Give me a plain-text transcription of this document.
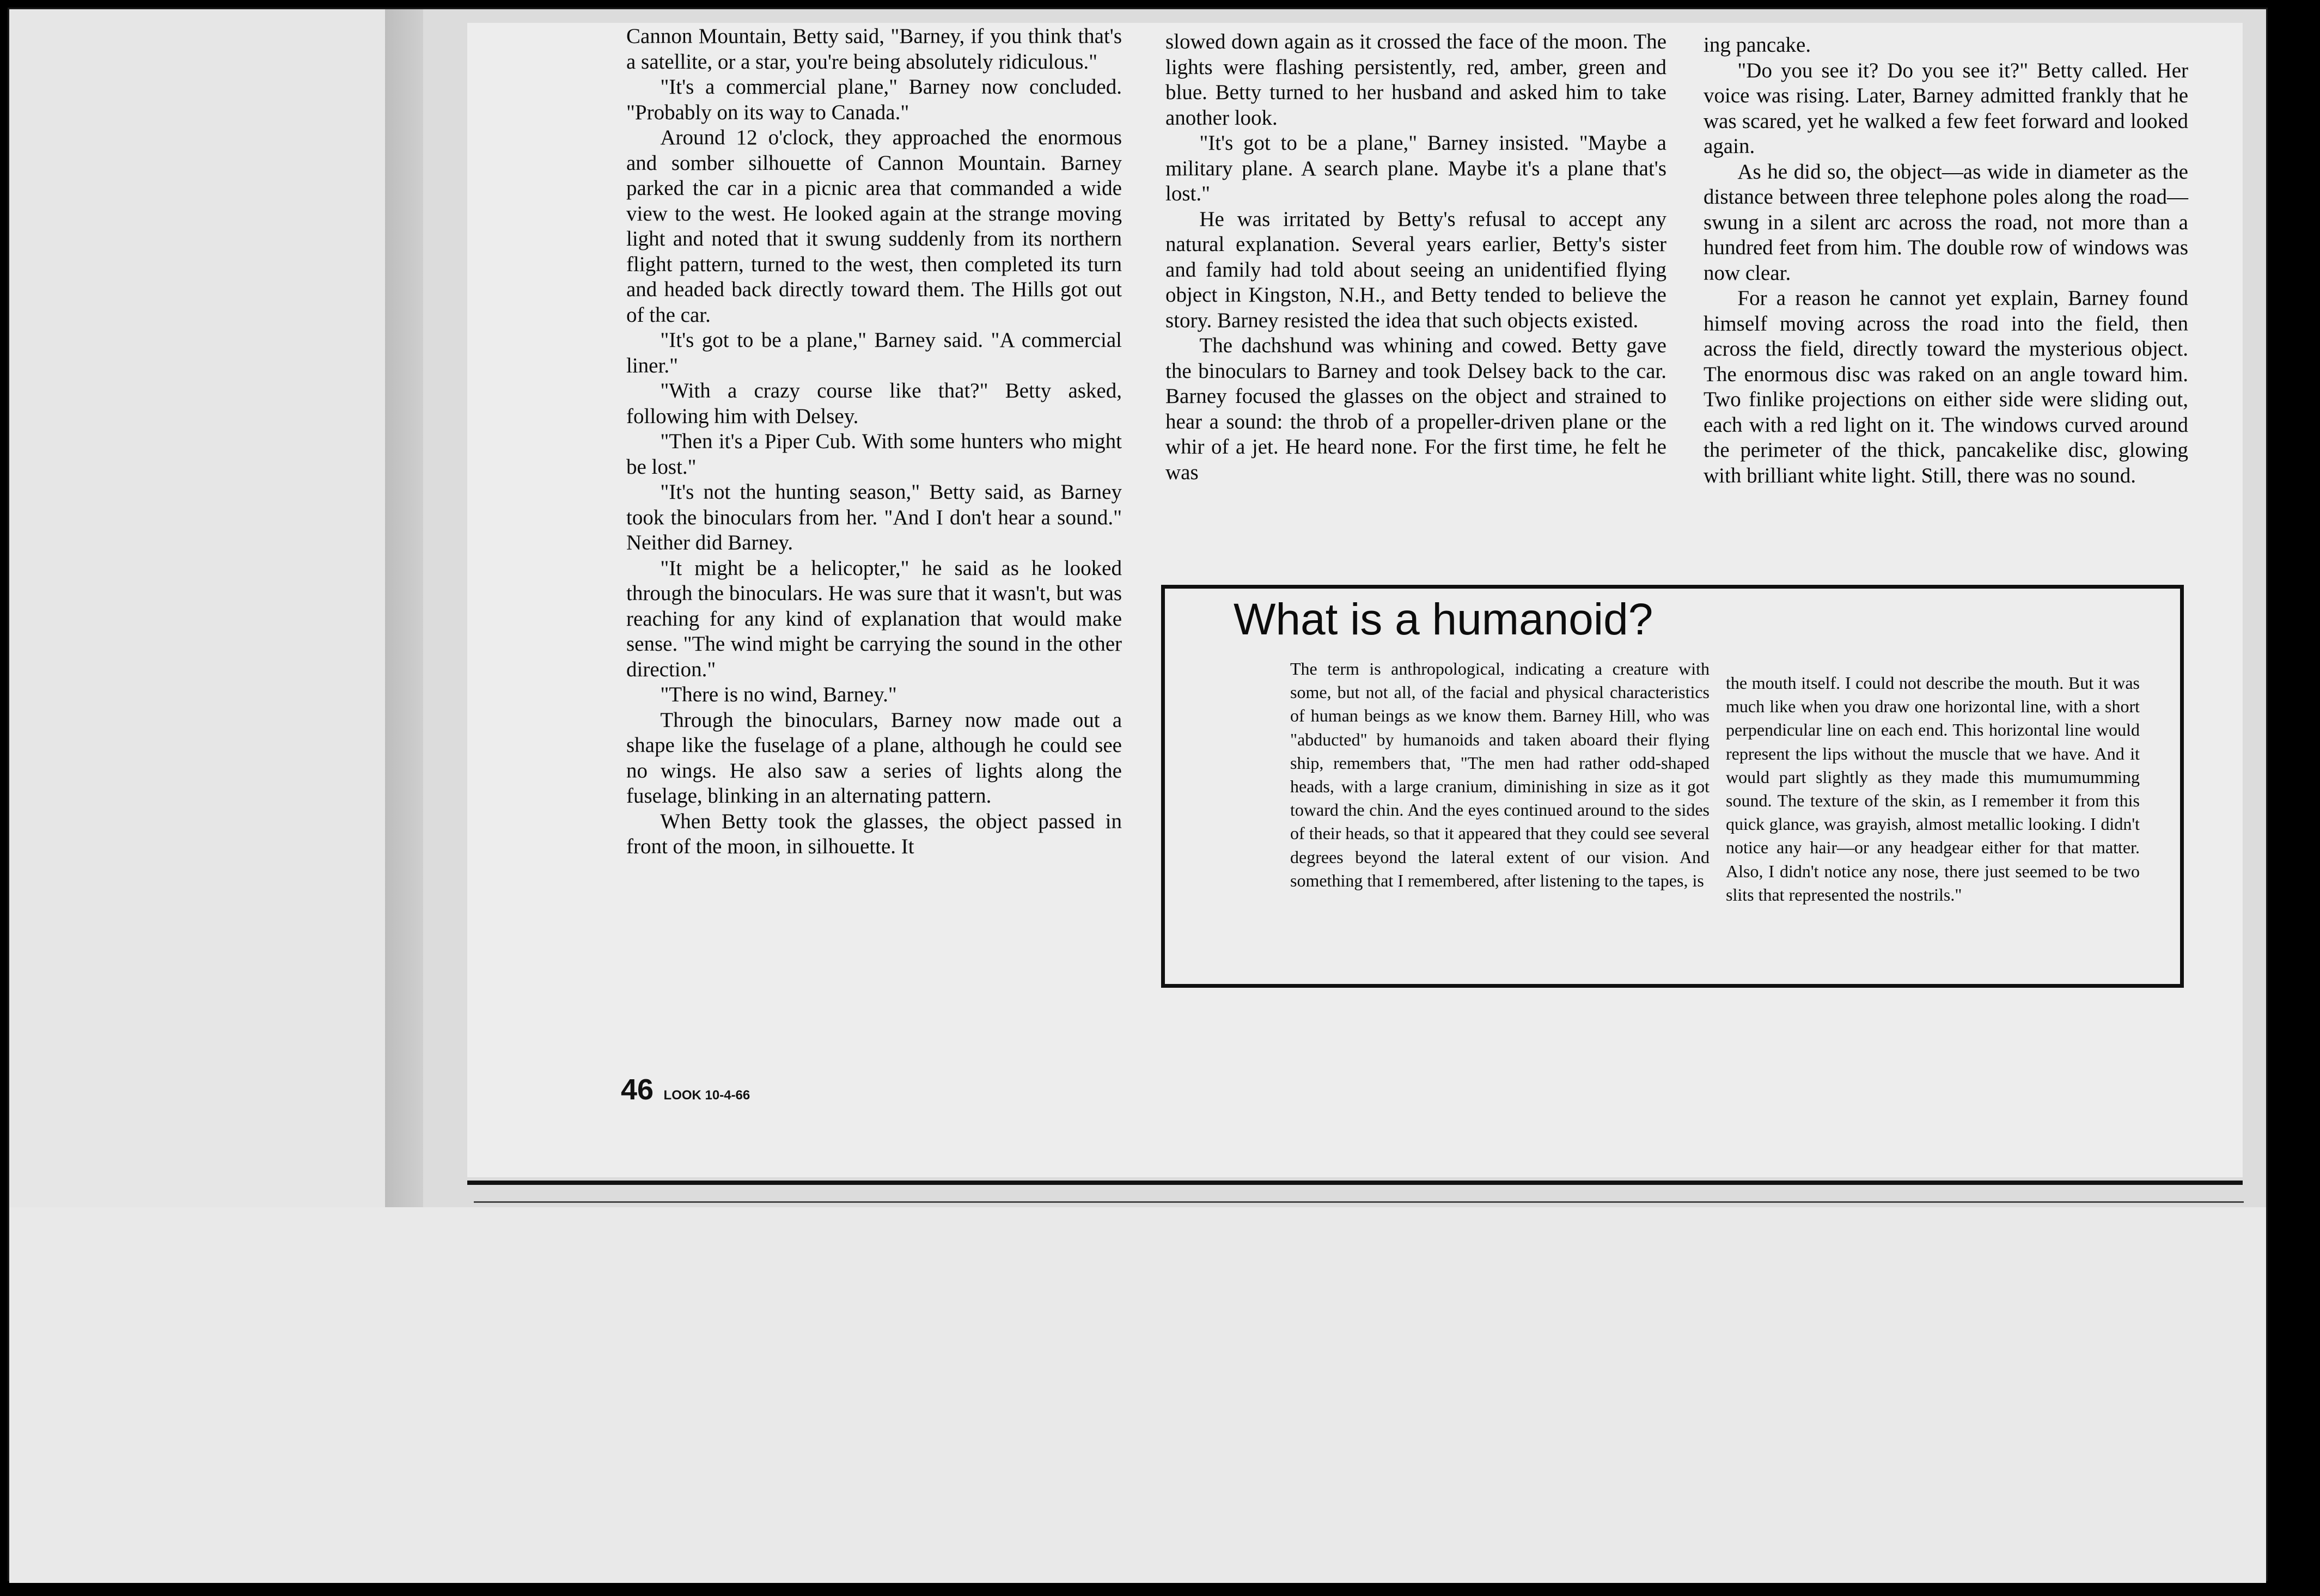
Cannon Mountain, Betty said, "Barney, if you think that's a satellite, or a star, you're being absolutely ridiculous."

"It's a commercial plane," Barney now concluded. "Probably on its way to Canada."

Around 12 o'clock, they approached the enormous and somber silhouette of Cannon Mountain. Barney parked the car in a picnic area that commanded a wide view to the west. He looked again at the strange moving light and noted that it swung suddenly from its northern flight pattern, turned to the west, then completed its turn and headed back directly toward them. The Hills got out of the car.

"It's got to be a plane," Barney said. "A commercial liner."

"With a crazy course like that?" Betty asked, following him with Delsey.

"Then it's a Piper Cub. With some hunters who might be lost."

"It's not the hunting season," Betty said, as Barney took the binoculars from her. "And I don't hear a sound." Neither did Barney.

"It might be a helicopter," he said as he looked through the binoculars. He was sure that it wasn't, but was reaching for any kind of explanation that would make sense. "The wind might be carrying the sound in the other direction."

"There is no wind, Barney."

Through the binoculars, Barney now made out a shape like the fuselage of a plane, although he could see no wings. He also saw a series of lights along the fuselage, blinking in an alternating pattern.

When Betty took the glasses, the object passed in front of the moon, in silhouette. It

slowed down again as it crossed the face of the moon. The lights were flashing persistently, red, amber, green and blue. Betty turned to her husband and asked him to take another look.

"It's got to be a plane," Barney insisted. "Maybe a military plane. A search plane. Maybe it's a plane that's lost."

He was irritated by Betty's refusal to accept any natural explanation. Several years earlier, Betty's sister and family had told about seeing an unidentified flying object in Kingston, N.H., and Betty tended to believe the story. Barney resisted the idea that such objects existed.

The dachshund was whining and cowed. Betty gave the binoculars to Barney and took Delsey back to the car. Barney focused the glasses on the object and strained to hear a sound: the throb of a propeller-driven plane or the whir of a jet. He heard none. For the first time, he felt he was

ing pancake.

"Do you see it? Do you see it?" Betty called. Her voice was rising. Later, Barney admitted frankly that he was scared, yet he walked a few feet forward and looked again.

As he did so, the object—as wide in diameter as the distance between three telephone poles along the road—swung in a silent arc across the road, not more than a hundred feet from him. The double row of windows was now clear.

For a reason he cannot yet explain, Barney found himself moving across the road into the field, then across the field, directly toward the mysterious object. The enormous disc was raked on an angle toward him. Two finlike projections on either side were sliding out, each with a red light on it. The windows curved around the perimeter of the thick, pancakelike disc, glowing with brilliant white light. Still, there was no sound.

What is a humanoid?
The term is anthropological, indicating a creature with some, but not all, of the facial and physical characteristics of human beings as we know them. Barney Hill, who was "abducted" by humanoids and taken aboard their flying ship, remembers that, "The men had rather odd-shaped heads, with a large cranium, diminishing in size as it got toward the chin. And the eyes continued around to the sides of their heads, so that it appeared that they could see several degrees beyond the lateral extent of our vision. And something that I remembered, after listening to the tapes, is
the mouth itself. I could not describe the mouth. But it was much like when you draw one horizontal line, with a short perpendicular line on each end. This horizontal line would represent the lips without the muscle that we have. And it would part slightly as they made this mumumumming sound. The texture of the skin, as I remember it from this quick glance, was grayish, almost metallic looking. I didn't notice any hair—or any headgear either for that matter. Also, I didn't notice any nose, there just seemed to be two slits that represented the nostrils."
46 LOOK 10-4-66
